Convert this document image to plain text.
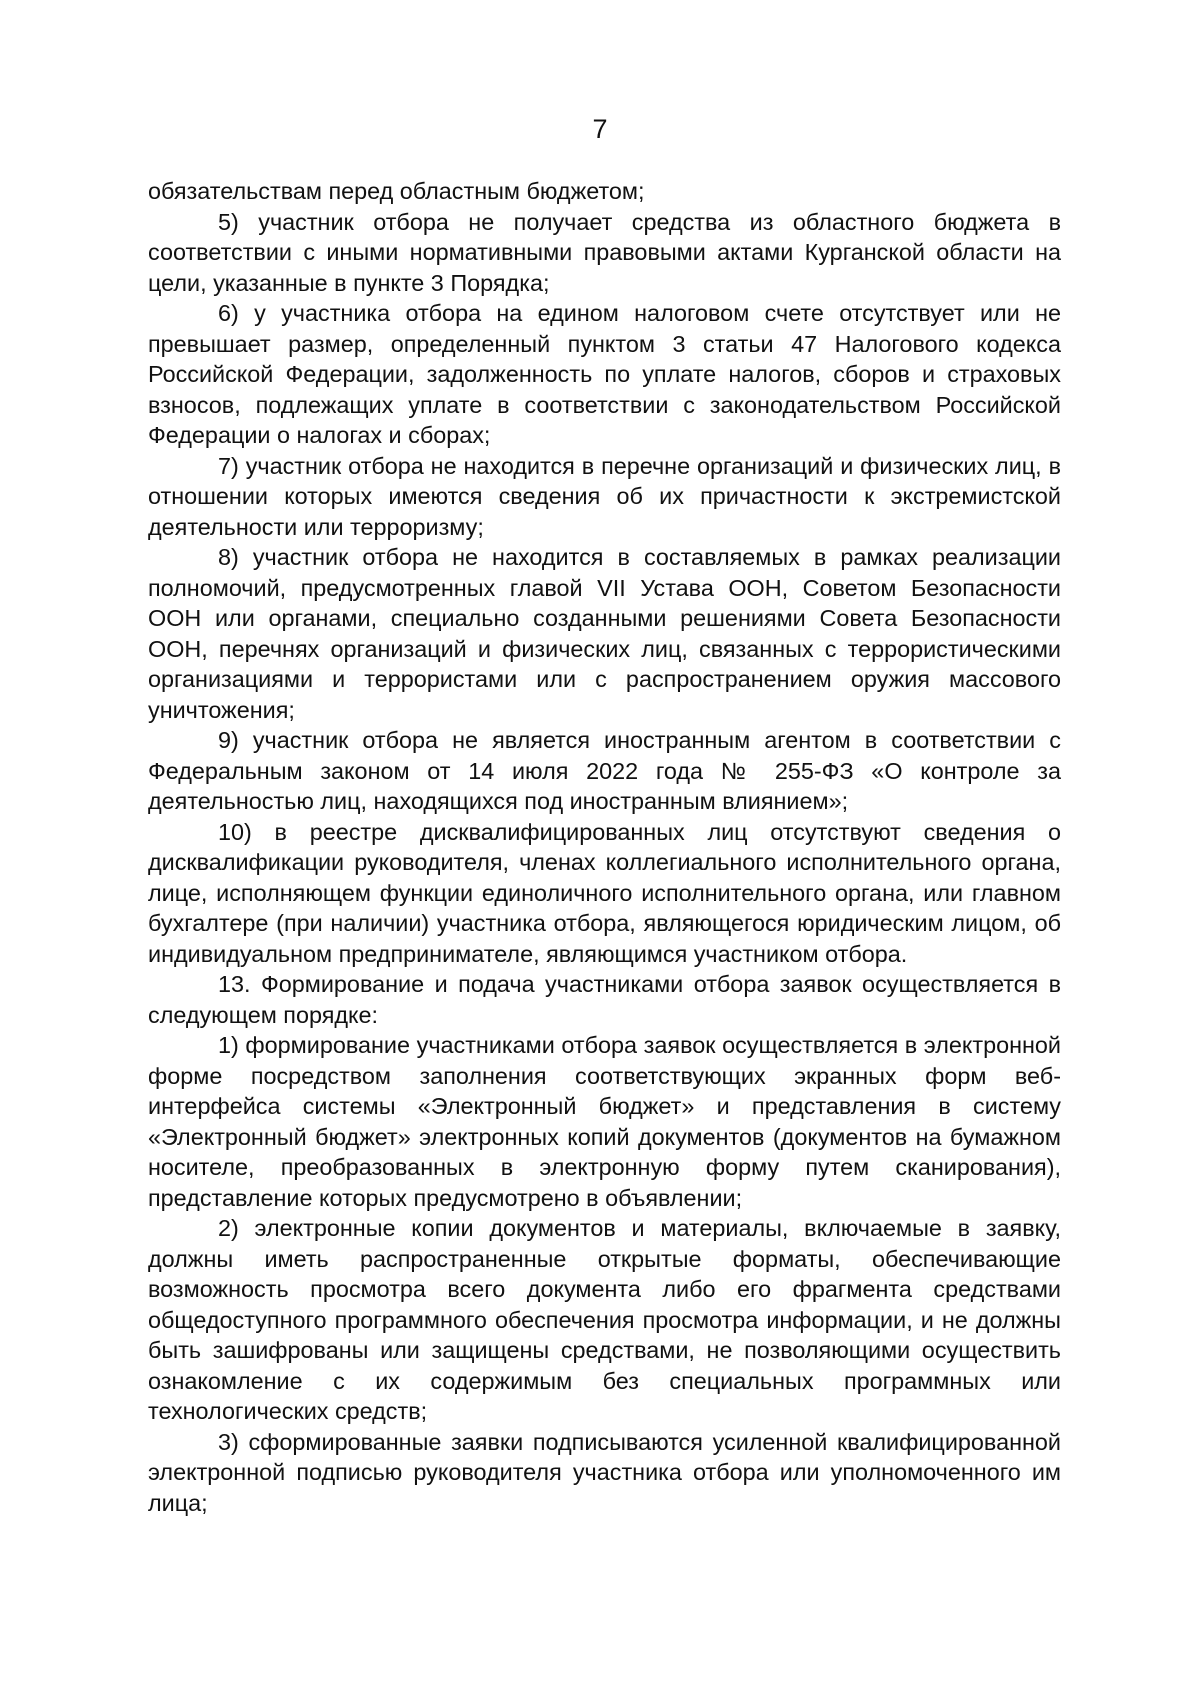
7

обязательствам перед областным бюджетом;

5) участник отбора не получает средства из областного бюджета в соответствии с иными нормативными правовыми актами Курганской области на цели, указанные в пункте 3 Порядка;

6) у участника отбора на едином налоговом счете отсутствует или не превышает размер, определенный пунктом 3 статьи 47 Налогового кодекса Российской Федерации, задолженность по уплате налогов, сборов и страховых взносов, подлежащих уплате в соответствии с законодательством Российской Федерации о налогах и сборах;

7) участник отбора не находится в перечне организаций и физических лиц, в отношении которых имеются сведения об их причастности к экстремистской деятельности или терроризму;

8) участник отбора не находится в составляемых в рамках реализации полномочий, предусмотренных главой VII Устава ООН, Советом Безопасности ООН или органами, специально созданными решениями Совета Безопасности ООН, перечнях организаций и физических лиц, связанных с террористическими организациями и террористами или с распространением оружия массового уничтожения;

9) участник отбора не является иностранным агентом в соответствии с Федеральным законом от 14 июля 2022 года № 255-ФЗ «О контроле за деятельностью лиц, находящихся под иностранным влиянием»;

10) в реестре дисквалифицированных лиц отсутствуют сведения о дисквалификации руководителя, членах коллегиального исполнительного органа, лице, исполняющем функции единоличного исполнительного органа, или главном бухгалтере (при наличии) участника отбора, являющегося юридическим лицом, об индивидуальном предпринимателе, являющимся участником отбора.

13. Формирование и подача участниками отбора заявок осуществляется в следующем порядке:

1) формирование участниками отбора заявок осуществляется в электронной форме посредством заполнения соответствующих экранных форм веб-интерфейса системы «Электронный бюджет» и представления в систему «Электронный бюджет» электронных копий документов (документов на бумажном носителе, преобразованных в электронную форму путем сканирования), представление которых предусмотрено в объявлении;

2) электронные копии документов и материалы, включаемые в заявку, должны иметь распространенные открытые форматы, обеспечивающие возможность просмотра всего документа либо его фрагмента средствами общедоступного программного обеспечения просмотра информации, и не должны быть зашифрованы или защищены средствами, не позволяющими осуществить ознакомление с их содержимым без специальных программных или технологических средств;

3) сформированные заявки подписываются усиленной квалифицированной электронной подписью руководителя участника отбора или уполномоченного им лица;
